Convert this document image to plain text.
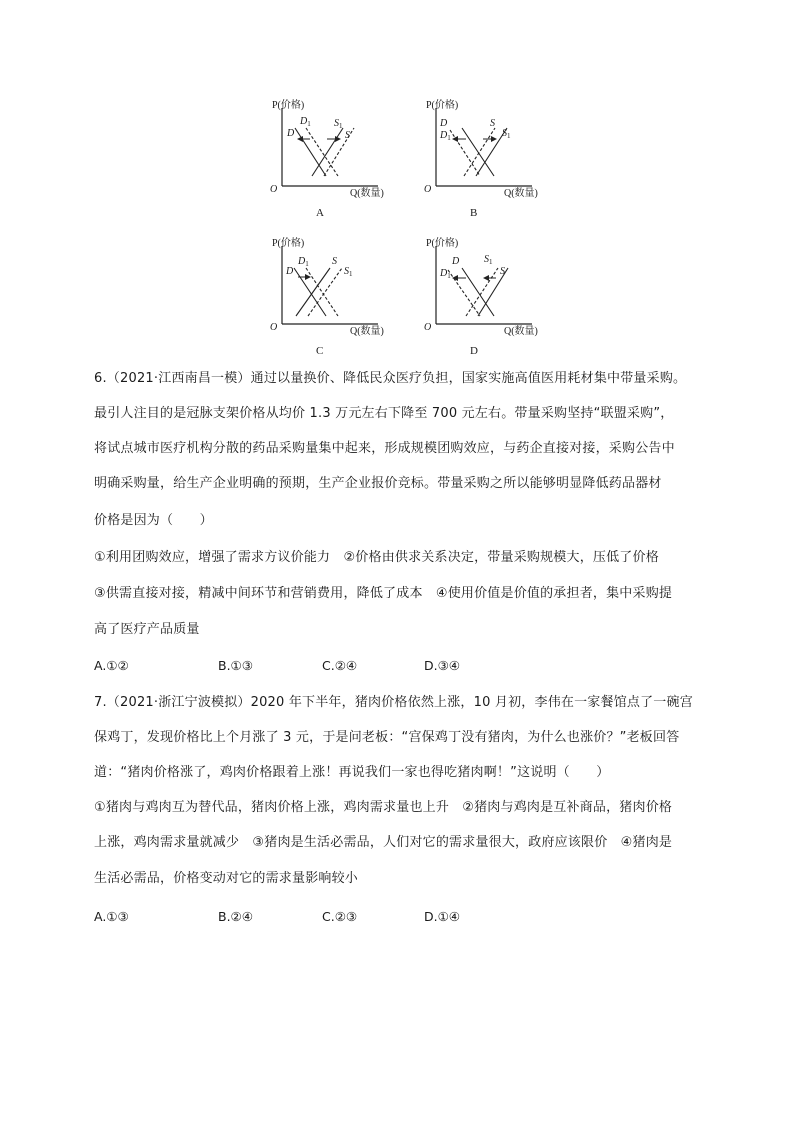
P(价格)
O	Q(数量)
D
$D_1$ $S_1$
S
A
P(价格)
O	Q(数量)
D
$D_1$
S
$S_1$
B
P(价格)
O	Q(数量)
D
$D_1$ S
$S_1$
C
P(价格)
O	Q(数量)
D
$D_1$
$S_1$
S
D
6.（2021·江西南昌一模）通过以量换价、降低民众医疗负担，国家实施高值医用耗材集中带量采购。
最引人注目的是冠脉支架价格从均价 1.3 万元左右下降至 700 元左右。带量采购坚持“联盟采购”，
将试点城市医疗机构分散的药品采购量集中起来，形成规模团购效应，与药企直接对接，采购公告中
明确采购量，给生产企业明确的预期，生产企业报价竞标。带量采购之所以能够明显降低药品器材
价格是因为（　　）
①利用团购效应，增强了需求方议价能力　②价格由供求关系决定，带量采购规模大，压低了价格
③供需直接对接，精减中间环节和营销费用，降低了成本　④使用价值是价值的承担者，集中采购提
高了医疗产品质量
A.①②	B.①③	C.②④	D.③④
7.（2021·浙江宁波模拟）2020 年下半年，猪肉价格依然上涨，10 月初，李伟在一家餐馆点了一碗宫
保鸡丁，发现价格比上个月涨了 3 元，于是问老板：“宫保鸡丁没有猪肉，为什么也涨价？”老板回答
道：“猪肉价格涨了，鸡肉价格跟着上涨！再说我们一家也得吃猪肉啊！”这说明（　　）
①猪肉与鸡肉互为替代品，猪肉价格上涨，鸡肉需求量也上升　②猪肉与鸡肉是互补商品，猪肉价格
上涨，鸡肉需求量就减少　③猪肉是生活必需品，人们对它的需求量很大，政府应该限价　④猪肉是
生活必需品，价格变动对它的需求量影响较小
A.①③	B.②④	C.②③	D.①④
